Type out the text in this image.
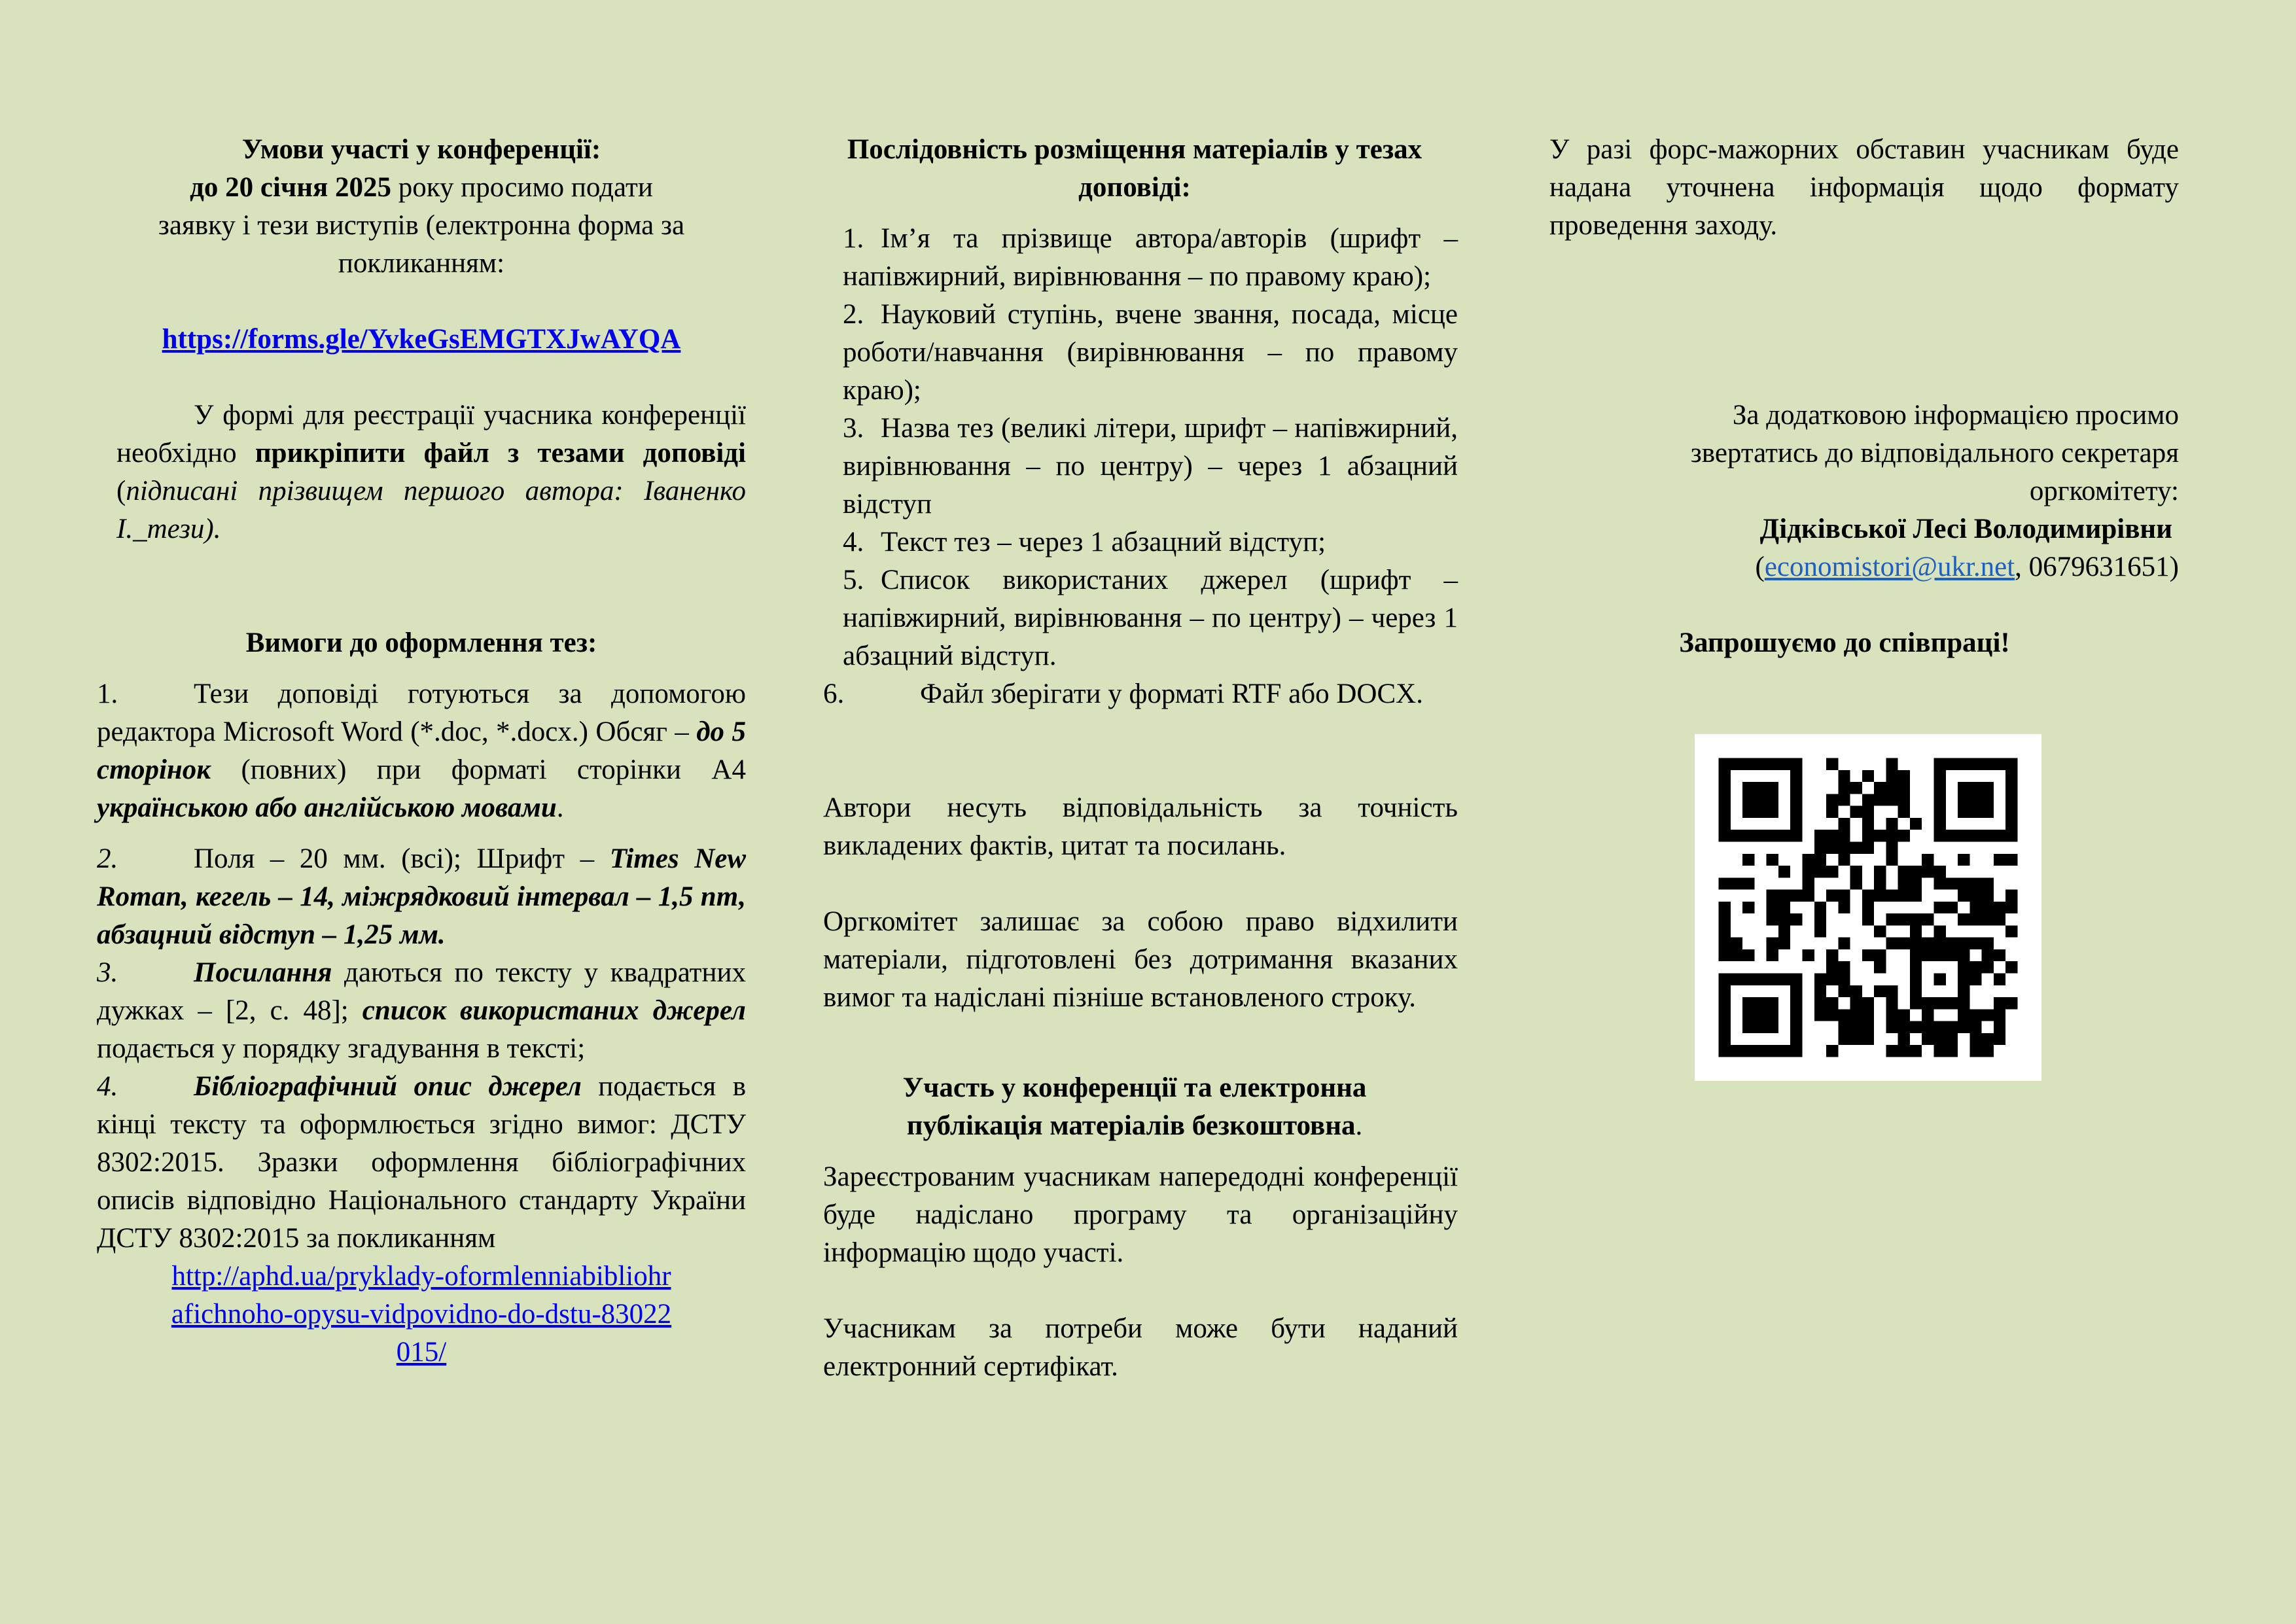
Умови участі у конференції:

до 20 січня 2025 року просимо подати

заявку і тези виступів (електронна форма за покликанням:

https://forms.gle/YvkeGsEMGTXJwAYQA

У формі для реєстрації учасника конференції необхідно прикріпити файл з тезами доповіді (підписані прізвищем першого автора: Іваненко І._тези).

Вимоги до оформлення тез:

1.	Тези доповіді готуються за допомогою редактора Microsoft Word (*.doc, *.docx.) Обсяг – до 5 сторінок (повних) при форматі сторінки А4 українською або англійською мовами.

2.	Поля – 20 мм. (всі); Шрифт – Times New Roman, кегель – 14, міжрядковий інтервал – 1,5 пт, абзацний відступ – 1,25 мм.

3.	Посилання даються по тексту у квадратних дужках – [2, с. 48]; список використаних джерел подається у порядку згадування в тексті;

4.	Бібліографічний опис джерел подається в кінці тексту та оформлюється згідно вимог: ДСТУ 8302:2015. Зразки оформлення бібліографічних описів відповідно Національного стандарту України ДСТУ 8302:2015 за покликанням

http://aphd.ua/pryklady-oformlenniabibliohrafichnoho-opysu-vidpovidno-do-dstu-83022015/

Послідовність розміщення матеріалів у тезах доповіді:

1. Ім’я та прізвище автора/авторів (шрифт – напівжирний, вирівнювання – по правому краю);

2. Науковий ступінь, вчене звання, посада, місце роботи/навчання (вирівнювання – по правому краю);

3. Назва тез (великі літери, шрифт – напівжирний, вирівнювання – по центру) – через 1 абзацний відступ

4. Текст тез – через 1 абзацний відступ;

5. Список використаних джерел (шрифт – напівжирний, вирівнювання – по центру) – через 1 абзацний відступ.

6.	Файл зберігати у форматі RTF або DOCX.

Автори несуть відповідальність за точність викладених фактів, цитат та посилань.

Оргкомітет залишає за собою право відхилити матеріали, підготовлені без дотримання вказаних вимог та надіслані пізніше встановленого строку.

Участь у конференції та електронна публікація матеріалів безкоштовна.

Зареєстрованим учасникам напередодні конференції буде надіслано програму та організаційну інформацію щодо участі.

Учасникам за потреби може бути наданий електронний сертифікат.

У разі форс-мажорних обставин учасникам буде надана уточнена інформація щодо формату проведення заходу.

За додатковою інформацією просимо

звертатись до відповідального секретаря

оргкомітету:

Дідківської Лесі Володимирівни

(economistori@ukr.net, 0679631651)

Запрошуємо до співпраці!
